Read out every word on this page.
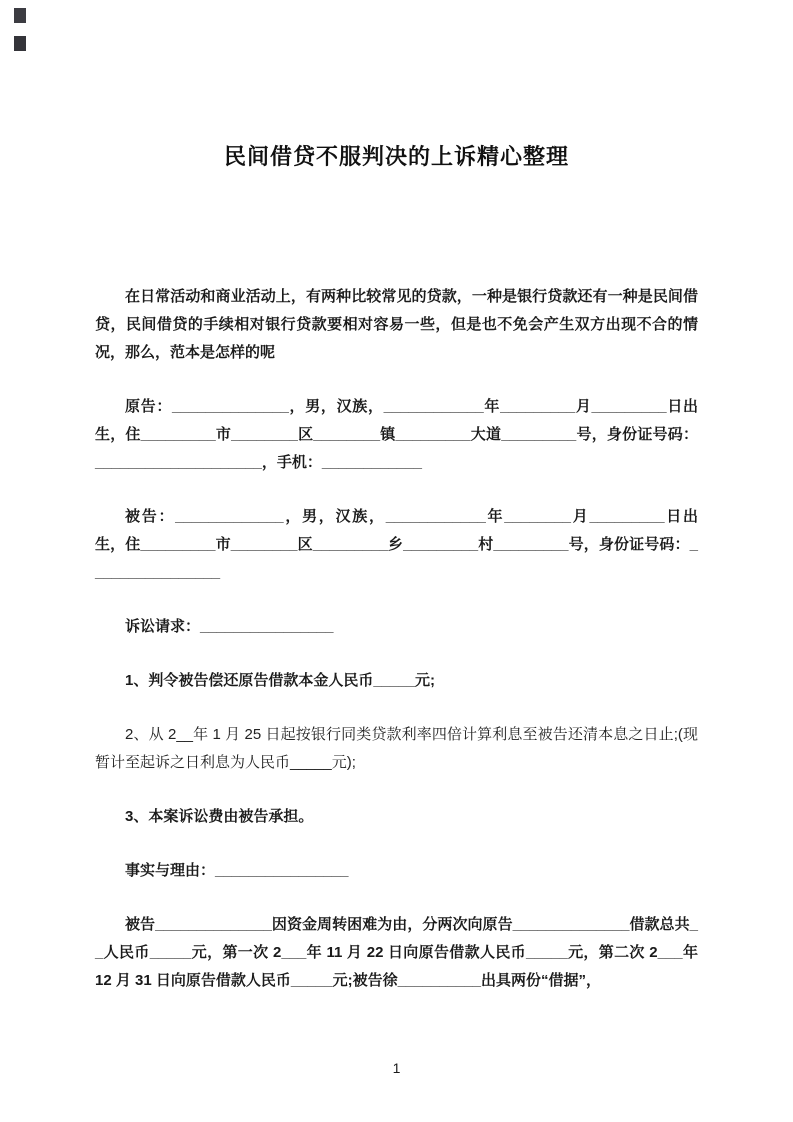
民间借贷不服判决的上诉精心整理

在日常活动和商业活动上，有两种比较常见的贷款，一种是银行贷款还有一种是民间借贷，民间借贷的手续相对银行贷款要相对容易一些，但是也不免会产生双方出现不合的情况，那么，范本是怎样的呢

原告：______________，男，汉族，____________年_________月_________日出生，住_________市________区________镇_________大道_________号，身份证号码：____________________，手机：____________

被告：_____________，男，汉族，____________年________月_________日出生，住_________市________区_________乡_________村_________号，身份证号码：________________

诉讼请求：________________

1、判令被告偿还原告借款本金人民币_____元;

2、从 2__年 1 月 25 日起按银行同类贷款利率四倍计算利息至被告还清本息之日止;(现暂计至起诉之日利息为人民币_____元);

3、本案诉讼费由被告承担。

事实与理由：________________

被告______________因资金周转困难为由，分两次向原告______________借款总共__人民币_____元，第一次 2___年 11 月 22 日向原告借款人民币_____元，第二次 2___年 12 月 31 日向原告借款人民币_____元;被告徐__________出具两份“借据”，

1
